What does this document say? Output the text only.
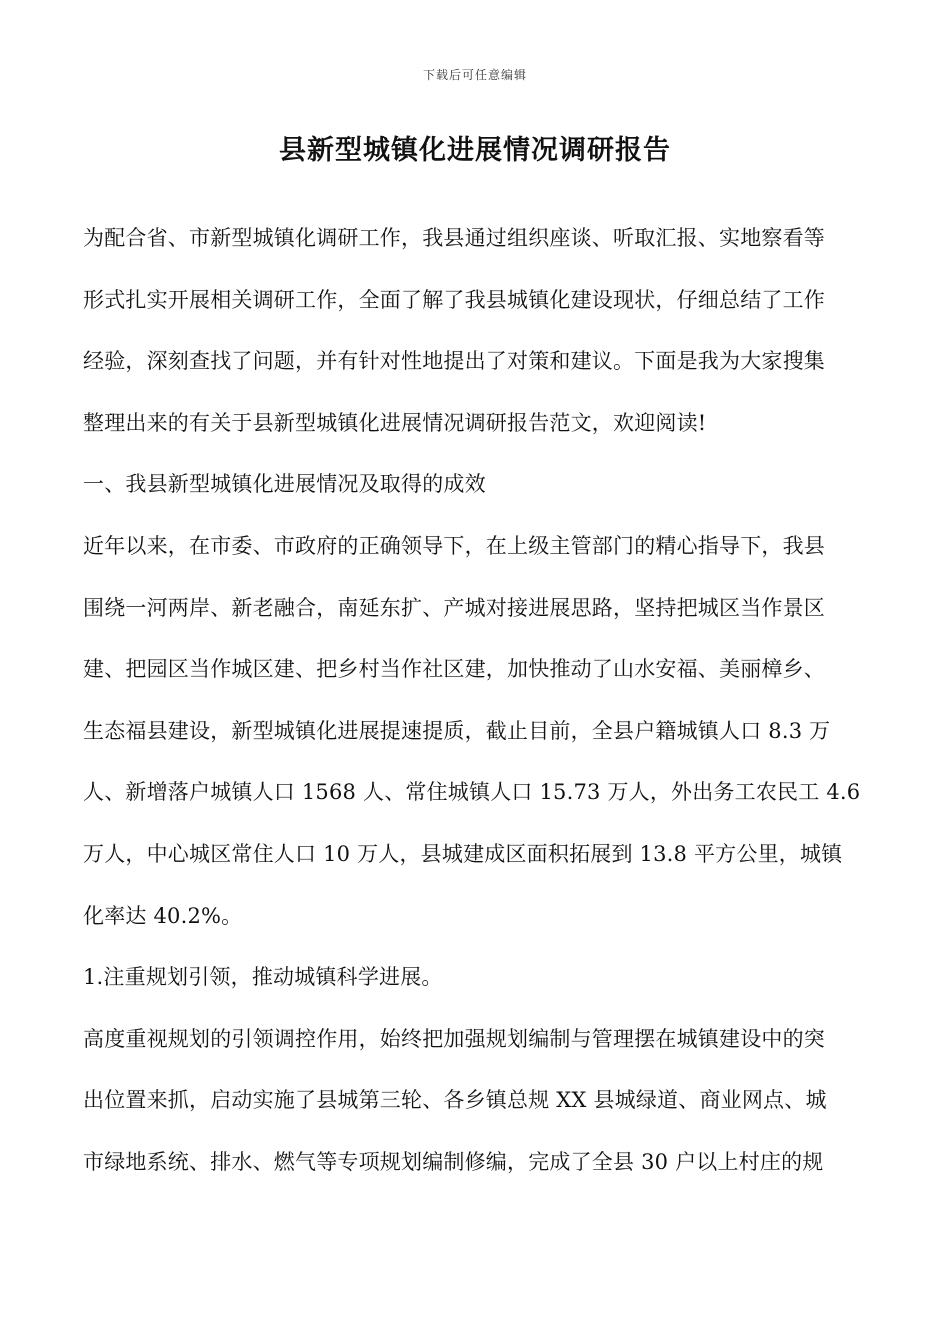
下载后可任意编辑
县新型城镇化进展情况调研报告
为配合省、市新型城镇化调研工作，我县通过组织座谈、听取汇报、实地察看等
形式扎实开展相关调研工作，全面了解了我县城镇化建设现状，仔细总结了工作
经验，深刻查找了问题，并有针对性地提出了对策和建议。下面是我为大家搜集
整理出来的有关于县新型城镇化进展情况调研报告范文，欢迎阅读!
一、我县新型城镇化进展情况及取得的成效
近年以来，在市委、市政府的正确领导下，在上级主管部门的精心指导下，我县
围绕一河两岸、新老融合，南延东扩、产城对接进展思路，坚持把城区当作景区
建、把园区当作城区建、把乡村当作社区建，加快推动了山水安福、美丽樟乡、
生态福县建设，新型城镇化进展提速提质，截止目前，全县户籍城镇人口 8.3 万
人、新增落户城镇人口 1568 人、常住城镇人口 15.73 万人，外出务工农民工 4.6
万人，中心城区常住人口 10 万人，县城建成区面积拓展到 13.8 平方公里，城镇
化率达 40.2%。
1.注重规划引领，推动城镇科学进展。
高度重视规划的引领调控作用，始终把加强规划编制与管理摆在城镇建设中的突
出位置来抓，启动实施了县城第三轮、各乡镇总规 XX 县城绿道、商业网点、城
市绿地系统、排水、燃气等专项规划编制修编，完成了全县 30 户以上村庄的规
